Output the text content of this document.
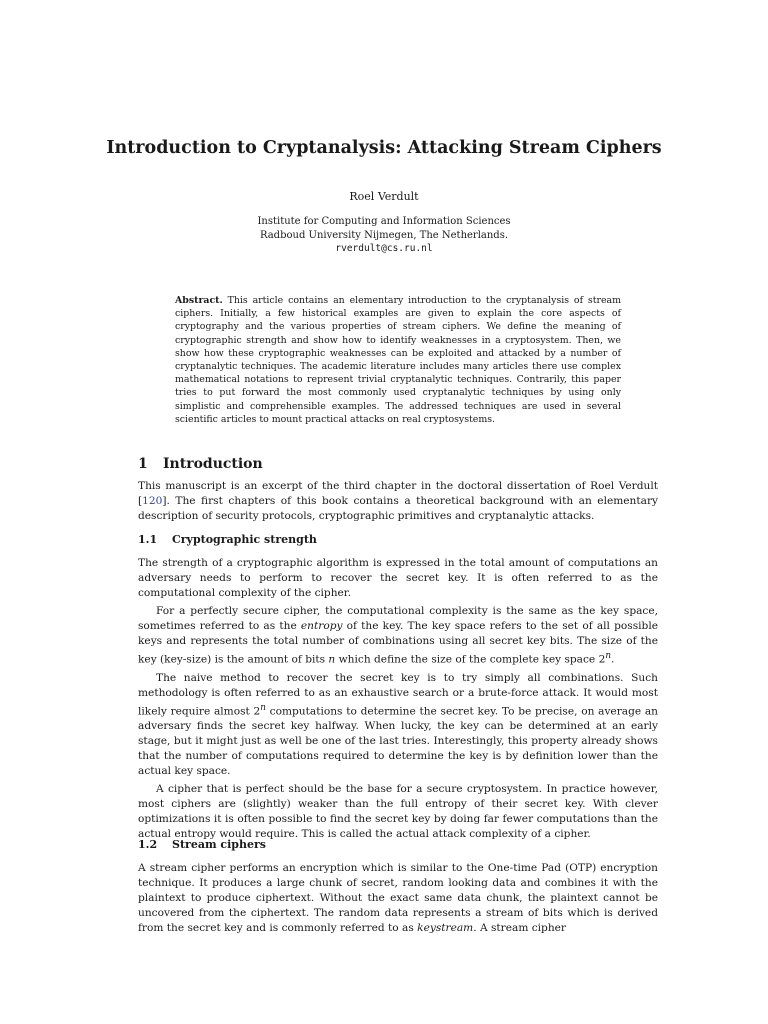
Introduction to Cryptanalysis: Attacking Stream Ciphers
Roel Verdult
Institute for Computing and Information Sciences
Radboud University Nijmegen, The Netherlands.
rverdult@cs.ru.nl
Abstract. This article contains an elementary introduction to the cryptanalysis of stream ciphers. Initially, a few historical examples are given to explain the core aspects of cryptography and the various properties of stream ciphers. We define the meaning of cryptographic strength and show how to identify weaknesses in a cryptosystem. Then, we show how these cryptographic weaknesses can be exploited and attacked by a number of cryptanalytic techniques. The academic literature includes many articles there use complex mathematical notations to represent trivial cryptanalytic techniques. Contrarily, this paper tries to put forward the most commonly used cryptanalytic techniques by using only simplistic and comprehensible examples. The addressed techniques are used in several scientific articles to mount practical attacks on real cryptosystems.
1 Introduction

This manuscript is an excerpt of the third chapter in the doctoral dissertation of Roel Verdult [120]. The first chapters of this book contains a theoretical background with an elementary description of security protocols, cryptographic primitives and cryptanalytic attacks.

1.1 Cryptographic strength

The strength of a cryptographic algorithm is expressed in the total amount of computations an adversary needs to perform to recover the secret key. It is often referred to as the computational complexity of the cipher.

For a perfectly secure cipher, the computational complexity is the same as the key space, sometimes referred to as the entropy of the key. The key space refers to the set of all possible keys and represents the total number of combinations using all secret key bits. The size of the key (key-size) is the amount of bits n which define the size of the complete key space 2$^n$.

The naive method to recover the secret key is to try simply all combinations. Such methodology is often referred to as an exhaustive search or a brute-force attack. It would most likely require almost 2$^n$ computations to determine the secret key. To be precise, on average an adversary finds the secret key halfway. When lucky, the key can be determined at an early stage, but it might just as well be one of the last tries. Interestingly, this property already shows that the number of computations required to determine the key is by definition lower than the actual key space.

A cipher that is perfect should be the base for a secure cryptosystem. In practice however, most ciphers are (slightly) weaker than the full entropy of their secret key. With clever optimizations it is often possible to find the secret key by doing far fewer computations than the actual entropy would require. This is called the actual attack complexity of a cipher.

1.2 Stream ciphers

A stream cipher performs an encryption which is similar to the One-time Pad (OTP) encryption technique. It produces a large chunk of secret, random looking data and combines it with the plaintext to produce ciphertext. Without the exact same data chunk, the plaintext cannot be uncovered from the ciphertext. The random data represents a stream of bits which is derived from the secret key and is commonly referred to as keystream. A stream cipher
